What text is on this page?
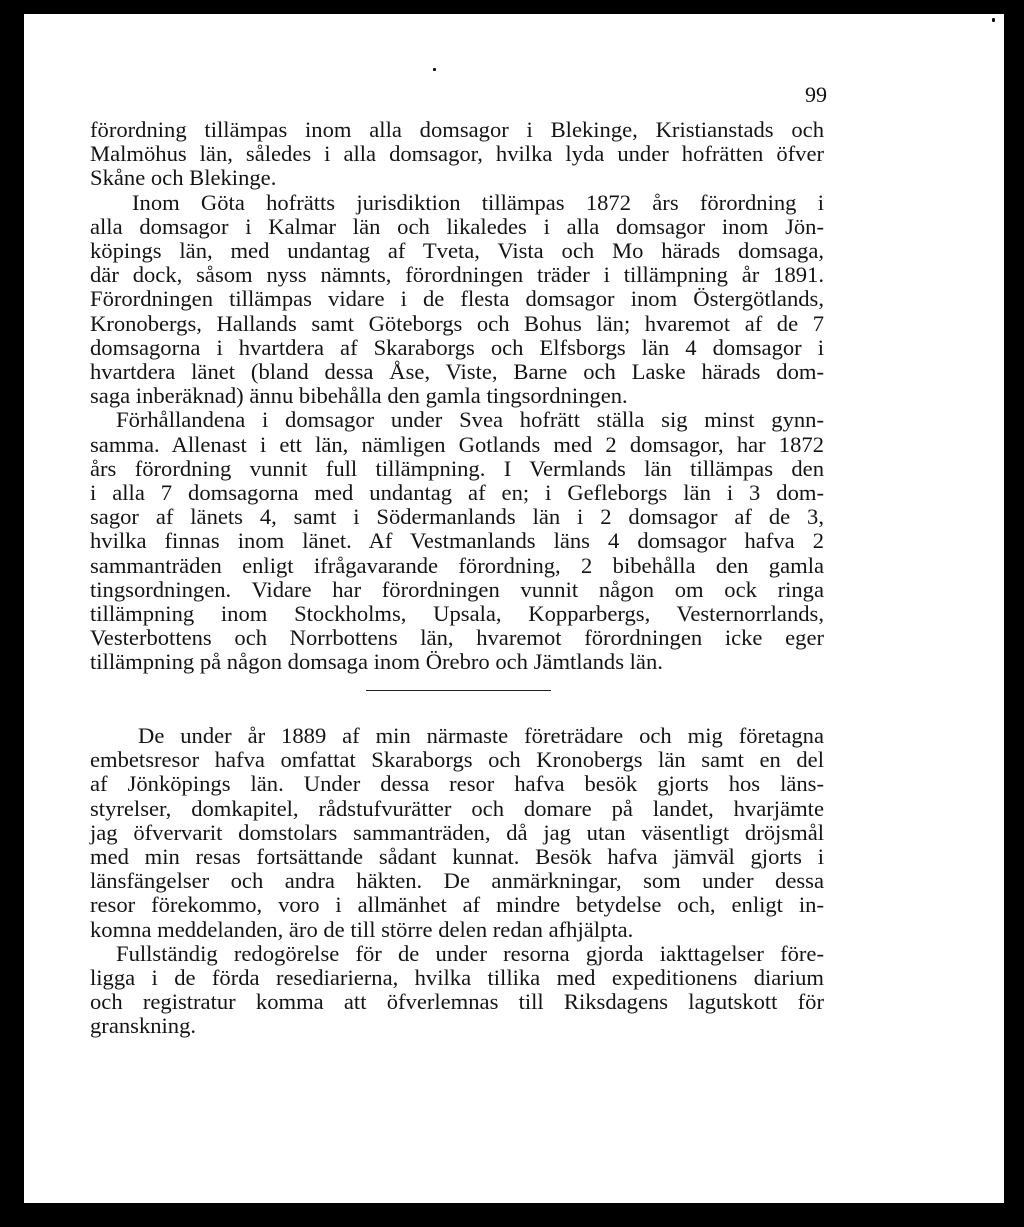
99
förordning tillämpas inom alla domsagor i Blekinge, Kristianstads och
Malmöhus län, således i alla domsagor, hvilka lyda under hofrätten öfver
Skåne och Blekinge.
Inom Göta hofrätts jurisdiktion tillämpas 1872 års förordning i
alla domsagor i Kalmar län och likaledes i alla domsagor inom Jön-
köpings län, med undantag af Tveta, Vista och Mo härads domsaga,
där dock, såsom nyss nämnts, förordningen träder i tillämpning år 1891.
Förordningen tillämpas vidare i de flesta domsagor inom Östergötlands,
Kronobergs, Hallands samt Göteborgs och Bohus län; hvaremot af de 7
domsagorna i hvartdera af Skaraborgs och Elfsborgs län 4 domsagor i
hvartdera länet (bland dessa Åse, Viste, Barne och Laske härads dom-
saga inberäknad) ännu bibehålla den gamla tingsordningen.
Förhållandena i domsagor under Svea hofrätt ställa sig minst gynn-
samma. Allenast i ett län, nämligen Gotlands med 2 domsagor, har 1872
års förordning vunnit full tillämpning. I Vermlands län tillämpas den
i alla 7 domsagorna med undantag af en; i Gefleborgs län i 3 dom-
sagor af länets 4, samt i Södermanlands län i 2 domsagor af de 3,
hvilka finnas inom länet. Af Vestmanlands läns 4 domsagor hafva 2
sammanträden enligt ifrågavarande förordning, 2 bibehålla den gamla
tingsordningen. Vidare har förordningen vunnit någon om ock ringa
tillämpning inom Stockholms, Upsala, Kopparbergs, Vesternorrlands,
Vesterbottens och Norrbottens län, hvaremot förordningen icke eger
tillämpning på någon domsaga inom Örebro och Jämtlands län.
De under år 1889 af min närmaste företrädare och mig företagna
embetsresor hafva omfattat Skaraborgs och Kronobergs län samt en del
af Jönköpings län. Under dessa resor hafva besök gjorts hos läns-
styrelser, domkapitel, rådstufvurätter och domare på landet, hvarjämte
jag öfvervarit domstolars sammanträden, då jag utan väsentligt dröjsmål
med min resas fortsättande sådant kunnat. Besök hafva jämväl gjorts i
länsfängelser och andra häkten. De anmärkningar, som under dessa
resor förekommo, voro i allmänhet af mindre betydelse och, enligt in-
komna meddelanden, äro de till större delen redan afhjälpta.
Fullständig redogörelse för de under resorna gjorda iakttagelser före-
ligga i de förda resediarierna, hvilka tillika med expeditionens diarium
och registratur komma att öfverlemnas till Riksdagens lagutskott för
granskning.
